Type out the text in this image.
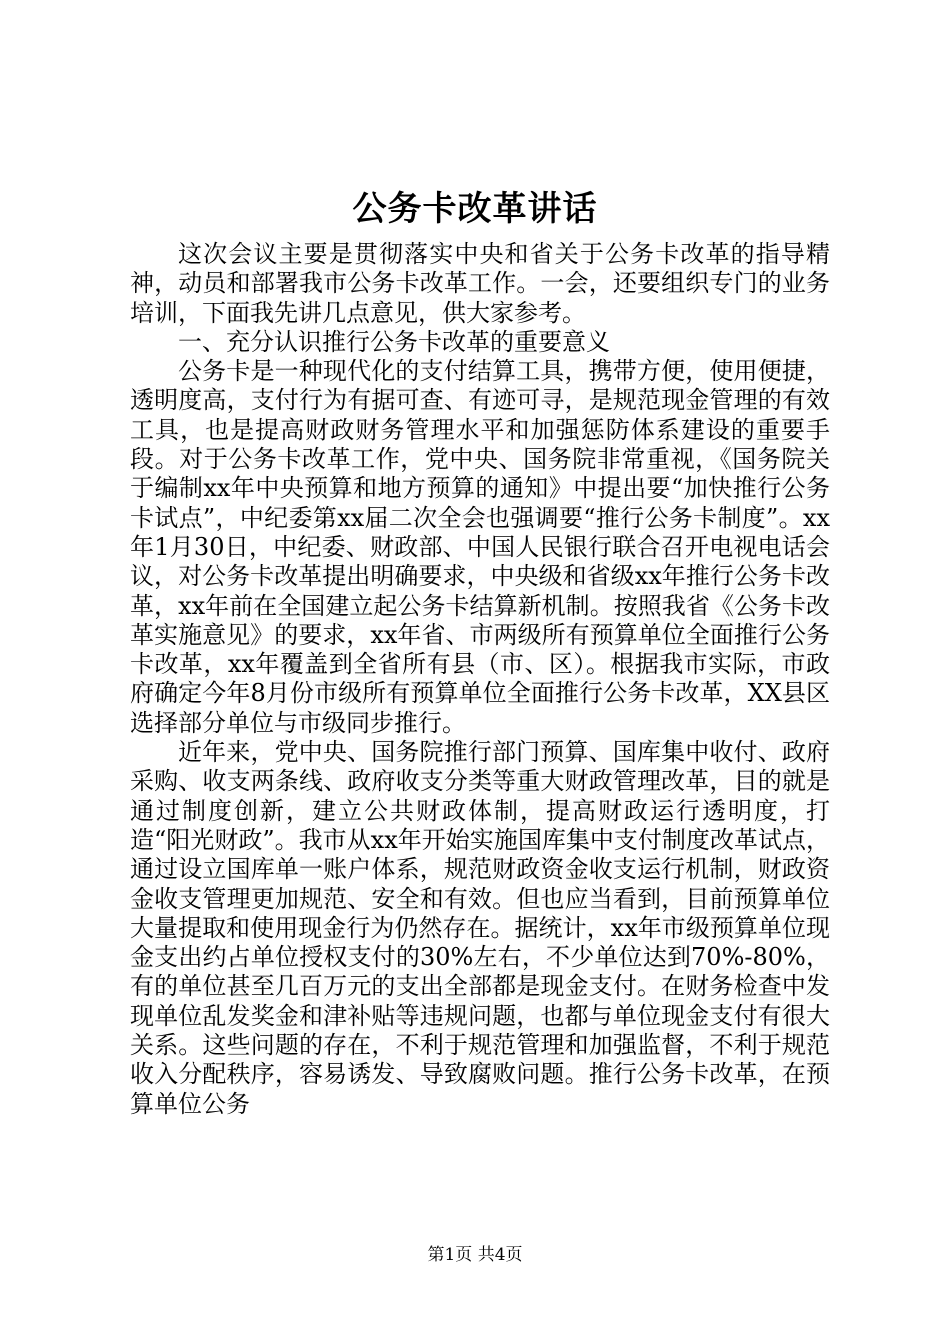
公务卡改革讲话

这次会议主要是贯彻落实中央和省关于公务卡改革的指导精神，动员和部署我市公务卡改革工作。一会，还要组织专门的业务培训，下面我先讲几点意见，供大家参考。

一、充分认识推行公务卡改革的重要意义

公务卡是一种现代化的支付结算工具，携带方便，使用便捷，透明度高，支付行为有据可查、有迹可寻，是规范现金管理的有效工具，也是提高财政财务管理水平和加强惩防体系建设的重要手段。对于公务卡改革工作，党中央、国务院非常重视，《国务院关于编制xx年中央预算和地方预算的通知》中提出要“加快推行公务卡试点”，中纪委第xx届二次全会也强调要“推行公务卡制度”。xx年1月30日，中纪委、财政部、中国人民银行联合召开电视电话会议，对公务卡改革提出明确要求，中央级和省级xx年推行公务卡改革，xx年前在全国建立起公务卡结算新机制。按照我省《公务卡改革实施意见》的要求，xx年省、市两级所有预算单位全面推行公务卡改革，xx年覆盖到全省所有县（市、区）。根据我市实际，市政府确定今年8月份市级所有预算单位全面推行公务卡改革，XX县区选择部分单位与市级同步推行。

近年来，党中央、国务院推行部门预算、国库集中收付、政府采购、收支两条线、政府收支分类等重大财政管理改革，目的就是通过制度创新，建立公共财政体制，提高财政运行透明度，打造“阳光财政”。我市从xx年开始实施国库集中支付制度改革试点，通过设立国库单一账户体系，规范财政资金收支运行机制，财政资金收支管理更加规范、安全和有效。但也应当看到，目前预算单位大量提取和使用现金行为仍然存在。据统计，xx年市级预算单位现金支出约占单位授权支付的30%左右，不少单位达到70%-80%，有的单位甚至几百万元的支出全部都是现金支付。在财务检查中发现单位乱发奖金和津补贴等违规问题，也都与单位现金支付有很大关系。这些问题的存在，不利于规范管理和加强监督，不利于规范收入分配秩序，容易诱发、导致腐败问题。推行公务卡改革，在预算单位公务

第1页 共4页
